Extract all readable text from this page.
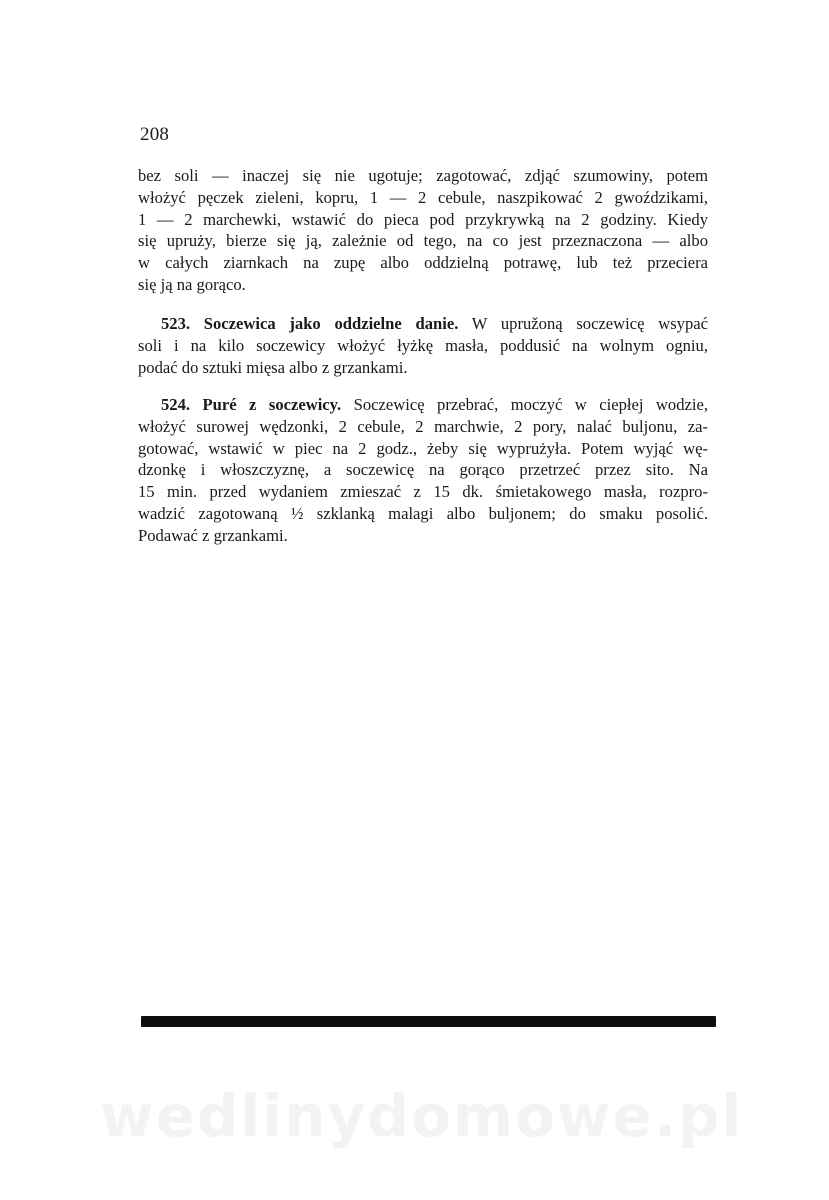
208
bez soli — inaczej się nie ugotuje; zagotować, zdjąć szumowiny, potem
włożyć pęczek zieleni, kopru, 1 — 2 cebule, naszpikować 2 gwoździkami,
1 — 2 marchewki, wstawić do pieca pod przykrywką na 2 godziny. Kiedy
się upruży, bierze się ją, zależnie od tego, na co jest przeznaczona — albo
w całych ziarnkach na zupę albo oddzielną potrawę, lub też przeciera
się ją na gorąco.
523. Soczewica jako oddzielne danie. W upružoną soczewicę wsypać
soli i na kilo soczewicy włożyć łyżkę masła, poddusić na wolnym ogniu,
podać do sztuki mięsa albo z grzankami.
524. Puré z soczewicy. Soczewicę przebrać, moczyć w ciepłej wodzie,
włożyć surowej wędzonki, 2 cebule, 2 marchwie, 2 pory, nalać buljonu, za-
gotować, wstawić w piec na 2 godz., żeby się wyprużyła. Potem wyjąć wę-
dzonkę i włoszczyznę, a soczewicę na gorąco przetrzeć przez sito. Na
15 min. przed wydaniem zmieszać z 15 dk. śmietakowego masła, rozpro-
wadzić zagotowaną ½ szklanką malagi albo buljonem; do smaku posolić.
Podawać z grzankami.
wedlinydomowe.pl
